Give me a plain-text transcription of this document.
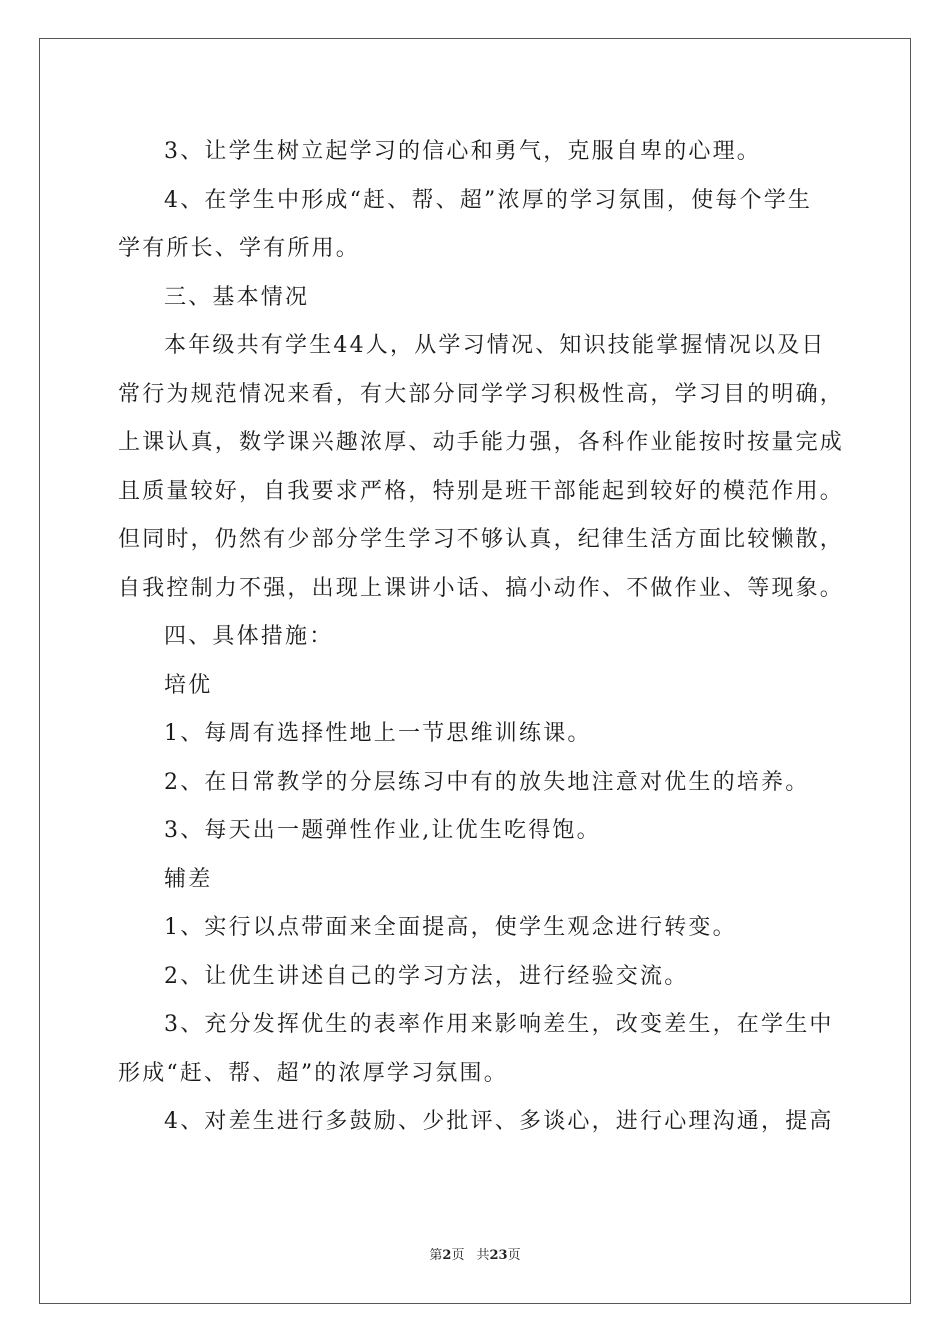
3、让学生树立起学习的信心和勇气，克服自卑的心理。

4、在学生中形成“赶、帮、超”浓厚的学习氛围，使每个学生
学有所长、学有所用。

三、基本情况

本年级共有学生44人，从学习情况、知识技能掌握情况以及日
常行为规范情况来看，有大部分同学学习积极性高，学习目的明确，
上课认真，数学课兴趣浓厚、动手能力强，各科作业能按时按量完成
且质量较好，自我要求严格，特别是班干部能起到较好的模范作用。
但同时，仍然有少部分学生学习不够认真，纪律生活方面比较懒散，
自我控制力不强，出现上课讲小话、搞小动作、不做作业、等现象。

四、具体措施：

培优

1、每周有选择性地上一节思维训练课。

2、在日常教学的分层练习中有的放失地注意对优生的培养。

3、每天出一题弹性作业,让优生吃得饱。

辅差

1、实行以点带面来全面提高，使学生观念进行转变。

2、让优生讲述自己的学习方法，进行经验交流。

3、充分发挥优生的表率作用来影响差生，改变差生，在学生中
形成“赶、帮、超”的浓厚学习氛围。

4、对差生进行多鼓励、少批评、多谈心，进行心理沟通，提高

第2页 共23页
